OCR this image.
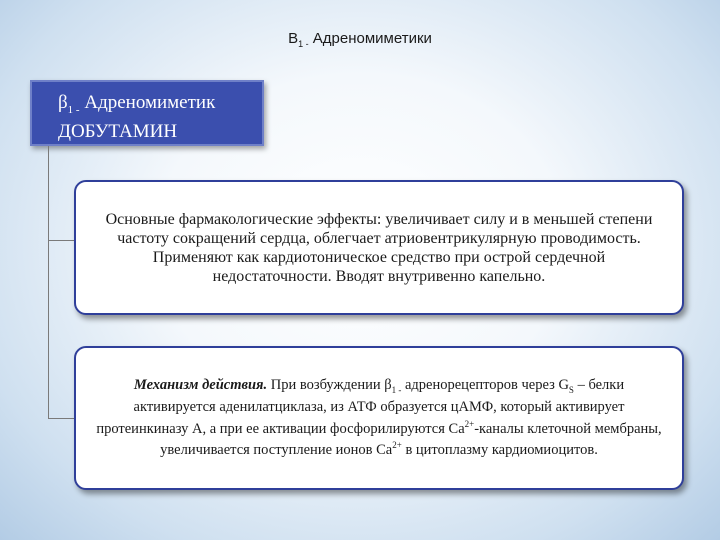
$B_{1 -}$ Адреномиметики
$\beta_{1 -}$ Адреномиметик
ДОБУТАМИН
Основные фармакологические эффекты: увеличивает силу и в меньшей степени частоту сокращений сердца, облегчает атриовентрикулярную проводимость. Применяют как кардиотоническое средство при острой сердечной недостаточности. Вводят внутривенно капельно.
Механизм действия. При возбуждении $\beta_{1 -}$ адренорецепторов через $G_S$ – белки активируется аденилатциклаза, из АТФ образуется цАМФ, который активирует протеинкиназу А, а при ее активации фосфорилируются $Ca^{2+}$-каналы клеточной мембраны, увеличивается поступление ионов $Ca^{2+}$ в цитоплазму кардиомиоцитов.
